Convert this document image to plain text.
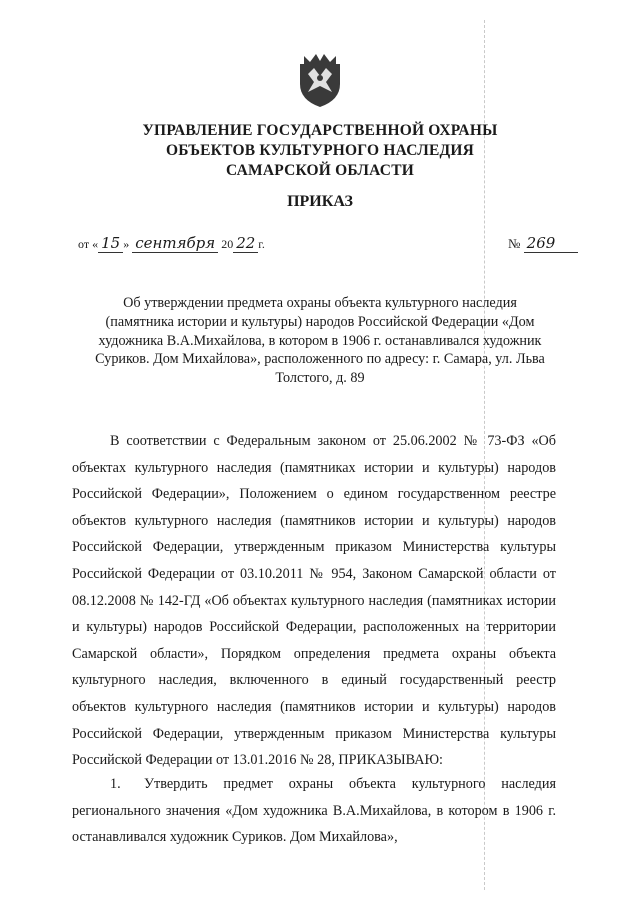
УПРАВЛЕНИЕ ГОСУДАРСТВЕННОЙ ОХРАНЫ

ОБЪЕКТОВ КУЛЬТУРНОГО НАСЛЕДИЯ

САМАРСКОЙ ОБЛАСТИ

ПРИКАЗ

от « 15 » сентября 20 22 г.	№ 269
Об утверждении предмета охраны объекта культурного наследия (памятника истории и культуры) народов Российской Федерации «Дом художника В.А.Михайлова, в котором в 1906 г. останавливался художник Суриков. Дом Михайлова», расположенного по адресу: г. Самара, ул. Льва Толстого, д. 89

В соответствии с Федеральным законом от 25.06.2002 № 73-ФЗ «Об объектах культурного наследия (памятниках истории и культуры) народов Российской Федерации», Положением о едином государственном реестре объектов культурного наследия (памятников истории и культуры) народов Российской Федерации, утвержденным приказом Министерства культуры Российской Федерации от 03.10.2011 № 954, Законом Самарской области от 08.12.2008 № 142-ГД «Об объектах культурного наследия (памятниках истории и культуры) народов Российской Федерации, расположенных на территории Самарской области», Порядком определения предмета охраны объекта культурного наследия, включенного в единый государственный реестр объектов культурного наследия (памятников истории и культуры) народов Российской Федерации, утвержденным приказом Министерства культуры Российской Федерации от 13.01.2016 № 28, ПРИКАЗЫВАЮ:

1. Утвердить предмет охраны объекта культурного наследия регионального значения «Дом художника В.А.Михайлова, в котором в 1906 г. останавливался художник Суриков. Дом Михайлова»,
